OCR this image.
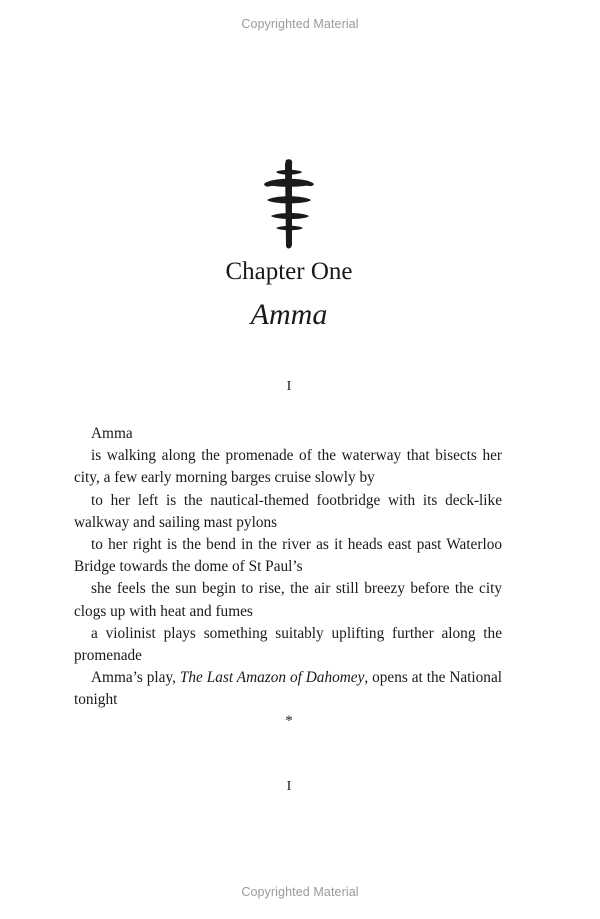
Copyrighted Material
Chapter One
Amma
I

Amma

is walking along the promenade of the waterway that bisects her city, a few early morning barges cruise slowly by

to her left is the nautical-themed footbridge with its deck-like walkway and sailing mast pylons

to her right is the bend in the river as it heads east past Waterloo Bridge towards the dome of St Paul’s

she feels the sun begin to rise, the air still breezy before the city clogs up with heat and fumes

a violinist plays something suitably uplifting further along the promenade

Amma’s play, The Last Amazon of Dahomey, opens at the National tonight

*
I
Copyrighted Material
